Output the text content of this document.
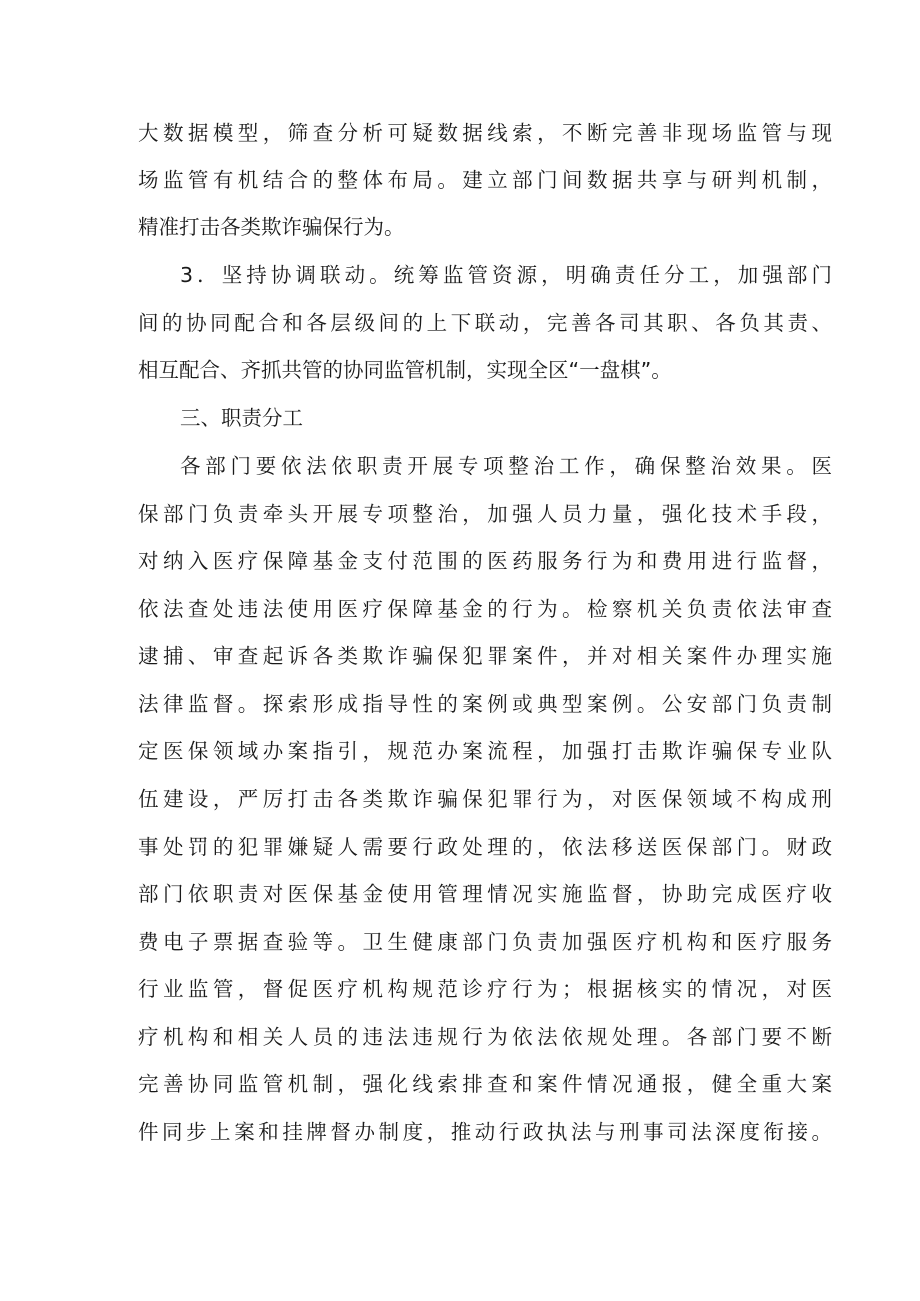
大数据模型，筛查分析可疑数据线索，不断完善非现场监管与现
场监管有机结合的整体布局。建立部门间数据共享与研判机制，
精准打击各类欺诈骗保行为。
3．坚持协调联动。统筹监管资源，明确责任分工，加强部门
间的协同配合和各层级间的上下联动，完善各司其职、各负其责、
相互配合、齐抓共管的协同监管机制，实现全区“一盘棋”。
三、职责分工
各部门要依法依职责开展专项整治工作，确保整治效果。医
保部门负责牵头开展专项整治，加强人员力量，强化技术手段，
对纳入医疗保障基金支付范围的医药服务行为和费用进行监督，
依法查处违法使用医疗保障基金的行为。检察机关负责依法审查
逮捕、审查起诉各类欺诈骗保犯罪案件，并对相关案件办理实施
法律监督。探索形成指导性的案例或典型案例。公安部门负责制
定医保领域办案指引，规范办案流程，加强打击欺诈骗保专业队
伍建设，严厉打击各类欺诈骗保犯罪行为，对医保领域不构成刑
事处罚的犯罪嫌疑人需要行政处理的，依法移送医保部门。财政
部门依职责对医保基金使用管理情况实施监督，协助完成医疗收
费电子票据查验等。卫生健康部门负责加强医疗机构和医疗服务
行业监管，督促医疗机构规范诊疗行为；根据核实的情况，对医
疗机构和相关人员的违法违规行为依法依规处理。各部门要不断
完善协同监管机制，强化线索排查和案件情况通报，健全重大案
件同步上案和挂牌督办制度，推动行政执法与刑事司法深度衔接。
